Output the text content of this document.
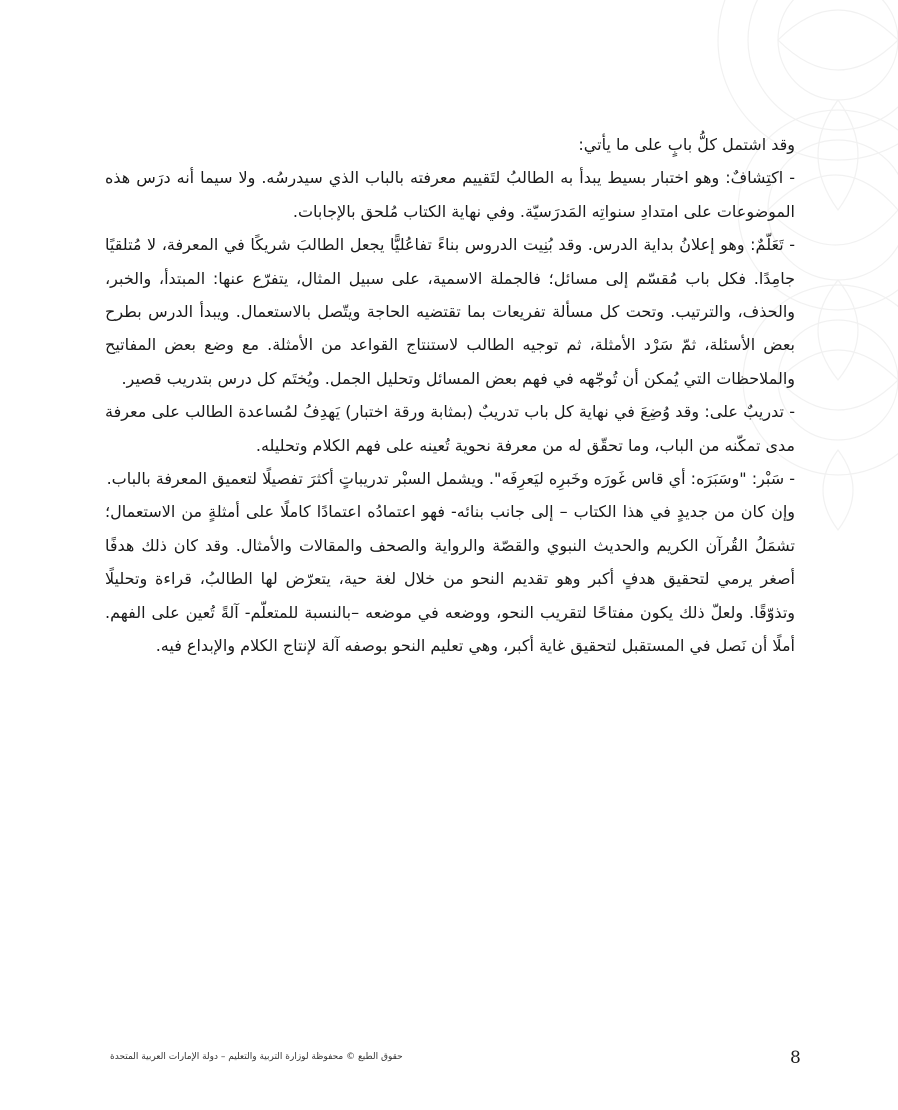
وقد اشتمل كلُّ بابٍ على ما يأتي:

- اكتِشافٌ: وهو اختبار بسيط يبدأ به الطالبُ لتَقييم معرفته بالباب الذي سيدرسُه. ولا سيما أنه درَس هذه الموضوعات على امتدادِ سنواتِه المَدرَسيّة. وفي نهاية الكتاب مُلحق بالإجابات.

- تَعَلّمٌ: وهو إعلانُ بداية الدرس. وقد بُنِيت الدروس بناءً تفاعُليًّا يجعل الطالبَ شريكًا في المعرفة، لا مُتلقيًا جامِدًا. فكل باب مُقسّم إلى مسائل؛ فالجملة الاسمية، على سبيل المثال، يتفرّع عنها: المبتدأ، والخبر، والحذف، والترتيب. وتحت كل مسألة تفريعات بما تقتضيه الحاجة ويتّصل بالاستعمال. ويبدأ الدرس بطرح بعض الأسئلة، ثمّ سَرْد الأمثلة، ثم توجيه الطالب لاستنتاج القواعد من الأمثلة. مع وضع بعض المفاتيح والملاحظات التي يُمكن أن تُوجّهه في فهم بعض المسائل وتحليل الجمل. ويُختَم كل درس بتدريب قصير.

- تدريبٌ على: وقد وُضِعَ في نهاية كل باب تدريبٌ (بمثابة ورقة اختبار) يَهدِفُ لمُساعدة الطالب على معرفة مدى تمكّنه من الباب، وما تحقّق له من معرفة نحوية تُعينه على فهم الكلام وتحليله.

- سَبْر: "وسَبَرَه: أي قاس غَورَه وخَبرِه ليَعرِفَه". ويشمل السبْر تدريباتٍ أكثرَ تفصيلًا لتعميق المعرفة بالباب.

وإن كان من جديدٍ في هذا الكتاب – إلى جانب بنائه- فهو اعتمادُه اعتمادًا كاملًا على أمثلةٍ من الاستعمال؛ تشمَلُ القُرآن الكريم والحديث النبوي والقصّة والرواية والصحف والمقالات والأمثال. وقد كان ذلك هدفًا أصغر يرمي لتحقيق هدفٍ أكبر وهو تقديم النحو من خلال لغة حية، يتعرّض لها الطالبُ، قراءة وتحليلًا وتذوّقًا. ولعلّ ذلك يكون مفتاحًا لتقريب النحو، ووضعه في موضعه –بالنسبة للمتعلّم- آلةً تُعين على الفهم. أملًا أن نَصل في المستقبل لتحقيق غاية أكبر، وهي تعليم النحو بوصفه آلة لإنتاج الكلام والإبداع فيه.

حقوق الطبع © محفوظة لوزارة التربية والتعليم – دولة الإمارات العربية المتحدة	8
